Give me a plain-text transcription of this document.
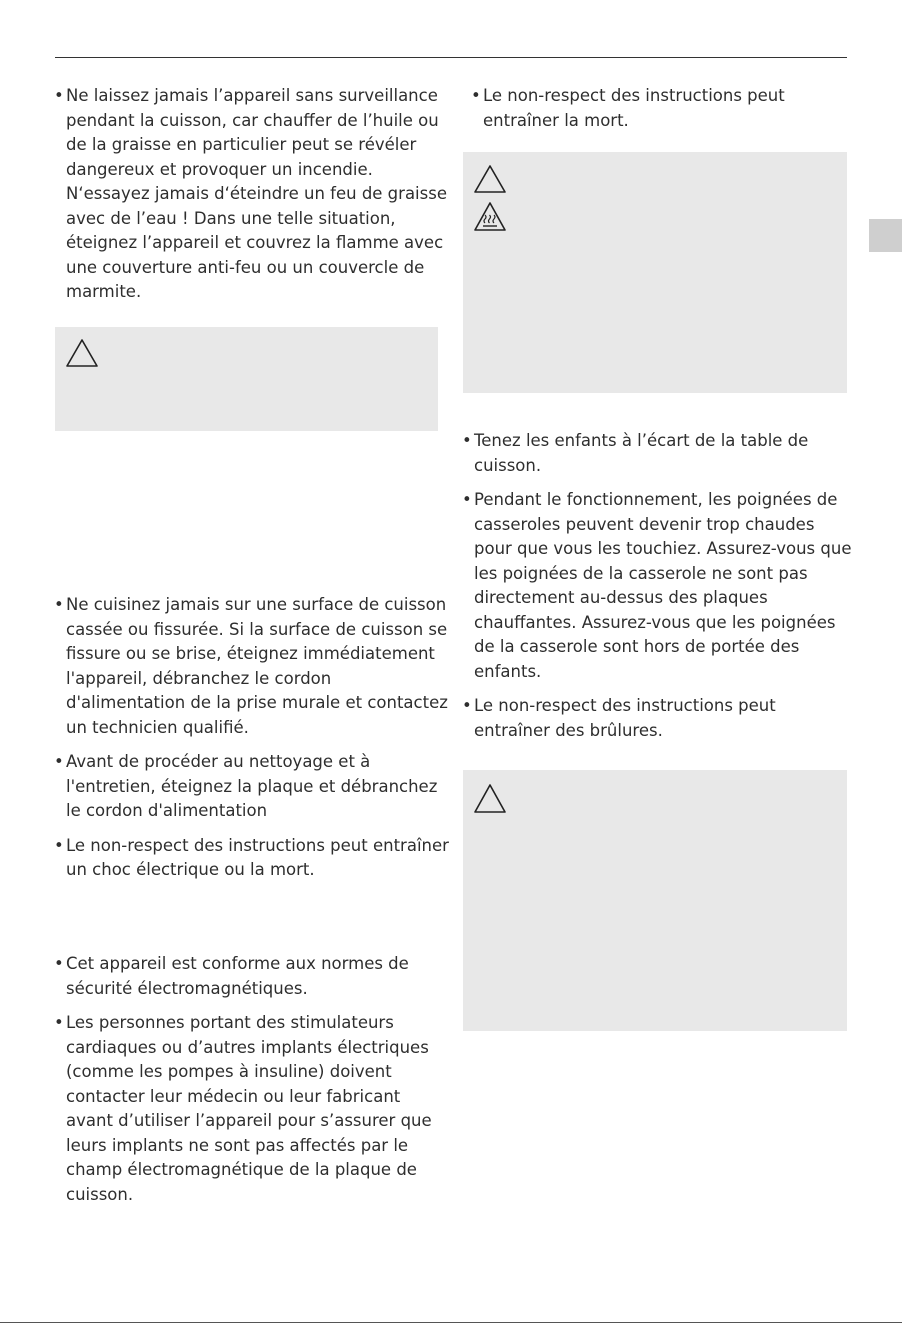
• Ne laissez jamais l’appareil sans surveillance pendant la cuisson, car chauffer de l’huile ou de la graisse en particulier peut se révéler dangereux et provoquer un incendie. N‘essayez jamais d‘éteindre un feu de graisse avec de l’eau ! Dans une telle situation, éteignez l’appareil et couvrez la flamme avec une couverture anti-feu ou un couvercle de marmite.
• Ne cuisinez jamais sur une surface de cuisson cassée ou fissurée. Si la surface de cuisson se fissure ou se brise, éteignez immédiatement l'appareil, débranchez le cordon d'alimentation de la prise murale et contactez un technicien qualifié.
• Avant de procéder au nettoyage et à l'entretien, éteignez la plaque et débranchez le cordon d'alimentation
• Le non-respect des instructions peut entraîner un choc électrique ou la mort.
• Cet appareil est conforme aux normes de sécurité électromagnétiques.
• Les personnes portant des stimulateurs cardiaques ou d’autres implants électriques (comme les pompes à insuline) doivent contacter leur médecin ou leur fabricant avant d’utiliser l’appareil pour s’assurer que leurs implants ne sont pas affectés par le champ électromagnétique de la plaque de cuisson.
• Le non-respect des instructions peut entraîner la mort.
• Tenez les enfants à l’écart de la table de cuisson.
• Pendant le fonctionnement, les poignées de casseroles peuvent devenir trop chaudes pour que vous les touchiez. Assurez-vous que les poignées de la casserole ne sont pas directement au-dessus des plaques chauffantes. Assurez-vous que les poignées de la casserole sont hors de portée des enfants.
• Le non-respect des instructions peut entraîner des brûlures.
